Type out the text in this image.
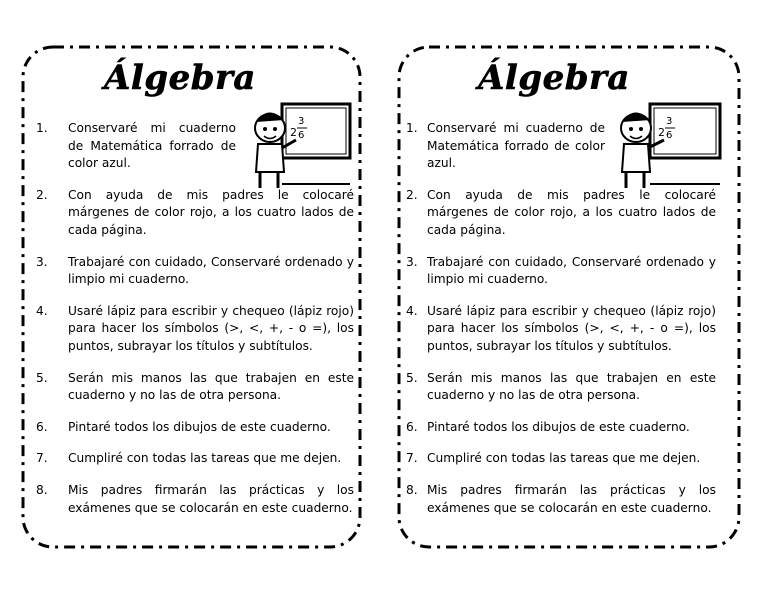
Álgebra
3
2 6
1. Conservaré mi cuaderno de Matemática forrado de color azul.
2. Con ayuda de mis padres le colocaré márgenes de color rojo, a los cuatro lados de cada página.
3. Trabajaré con cuidado, Conservaré ordenado y limpio mi cuaderno.
4. Usaré lápiz para escribir y chequeo (lápiz rojo) para hacer los símbolos (>, <, +, - o =), los puntos, subrayar los títulos y subtítulos.
5. Serán mis manos las que trabajen en este cuaderno y no las de otra persona.
6. Pintaré todos los dibujos de este cuaderno.
7. Cumpliré con todas las tareas que me dejen.
8. Mis padres firmarán las prácticas y los exámenes que se colocarán en este cuaderno.
Álgebra
3
2 6
1. Conservaré mi cuaderno de Matemática forrado de color azul.
2. Con ayuda de mis padres le colocaré márgenes de color rojo, a los cuatro lados de cada página.
3. Trabajaré con cuidado, Conservaré ordenado y limpio mi cuaderno.
4. Usaré lápiz para escribir y chequeo (lápiz rojo) para hacer los símbolos (>, <, +, - o =), los puntos, subrayar los títulos y subtítulos.
5. Serán mis manos las que trabajen en este cuaderno y no las de otra persona.
6. Pintaré todos los dibujos de este cuaderno.
7. Cumpliré con todas las tareas que me dejen.
8. Mis padres firmarán las prácticas y los exámenes que se colocarán en este cuaderno.
